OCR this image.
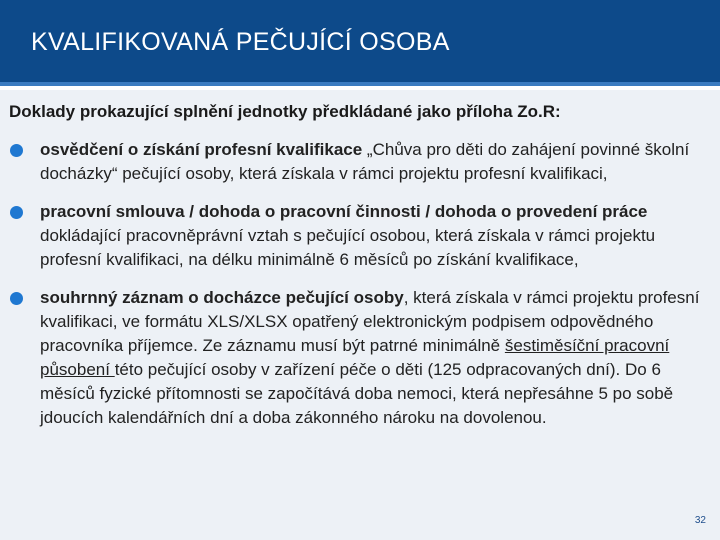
KVALIFIKOVANÁ PEČUJÍCÍ OSOBA
Doklady prokazující splnění jednotky předkládané jako příloha Zo.R:
osvědčení o získání profesní kvalifikace „Chůva pro děti do zahájení povinné školní docházky“ pečující osoby, která získala v rámci projektu profesní kvalifikaci,
pracovní smlouva / dohoda o pracovní činnosti / dohoda o provedení práce dokládající pracovněprávní vztah s pečující osobou, která získala v rámci projektu profesní kvalifikaci, na délku minimálně 6 měsíců po získání kvalifikace,
souhrnný záznam o docházce pečující osoby, která získala v rámci projektu profesní kvalifikaci, ve formátu XLS/XLSX opatřený elektronickým podpisem odpovědného pracovníka příjemce. Ze záznamu musí být patrné minimálně šestiměsíční pracovní působení této pečující osoby v zařízení péče o děti (125 odpracovaných dní). Do 6 měsíců fyzické přítomnosti se započítává doba nemoci, která nepřesáhne 5 po sobě jdoucích kalendářních dní a doba zákonného nároku na dovolenou.
32
